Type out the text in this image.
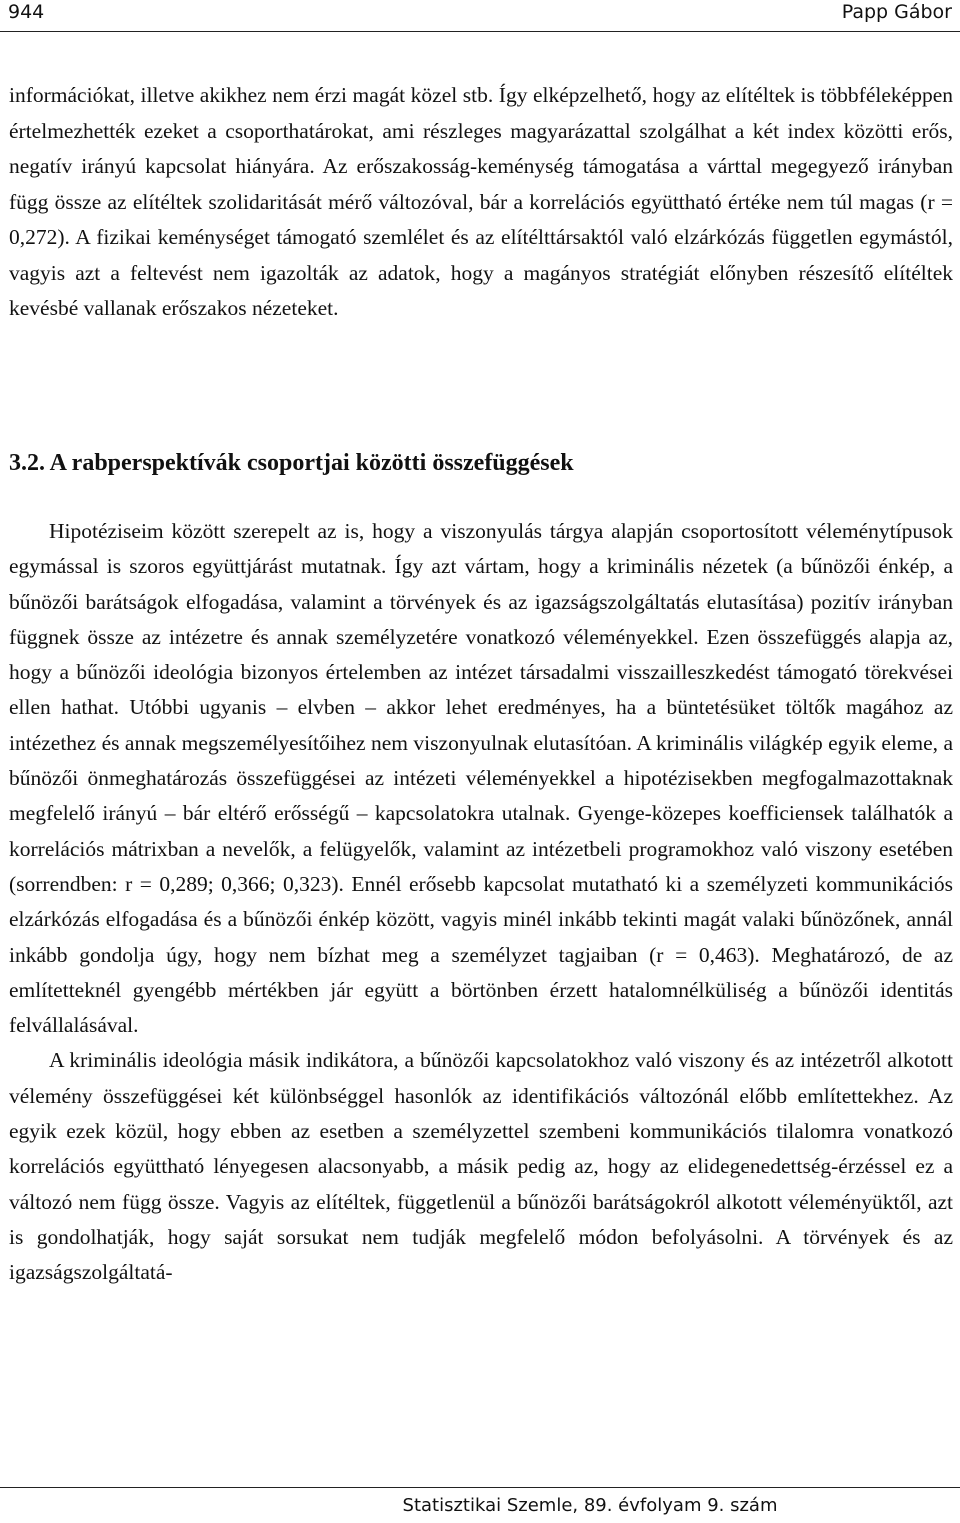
944	Papp Gábor

információkat, illetve akikhez nem érzi magát közel stb. Így elképzelhető, hogy az elítéltek is többféleképpen értelmezhették ezeket a csoporthatárokat, ami részleges magyarázattal szolgálhat a két index közötti erős, negatív irányú kapcsolat hiányára. Az erőszakosság-keménység támogatása a várttal megegyező irányban függ össze az elítéltek szolidaritását mérő változóval, bár a korrelációs együttható értéke nem túl magas (r = 0,272). A fizikai keménységet támogató szemlélet és az elítélttársaktól való elzárkózás független egymástól, vagyis azt a feltevést nem igazolták az adatok, hogy a magányos stratégiát előnyben részesítő elítéltek kevésbé vallanak erőszakos nézeteket.

3.2. A rabperspektívák csoportjai közötti összefüggések

Hipotéziseim között szerepelt az is, hogy a viszonyulás tárgya alapján csoportosított véleménytípusok egymással is szoros együttjárást mutatnak. Így azt vártam, hogy a kriminális nézetek (a bűnözői énkép, a bűnözői barátságok elfogadása, valamint a törvények és az igazságszolgáltatás elutasítása) pozitív irányban függnek össze az intézetre és annak személyzetére vonatkozó véleményekkel. Ezen összefüggés alapja az, hogy a bűnözői ideológia bizonyos értelemben az intézet társadalmi visszailleszkedést támogató törekvései ellen hathat. Utóbbi ugyanis – elvben – akkor lehet eredményes, ha a büntetésüket töltők magához az intézethez és annak megszemélyesítőihez nem viszonyulnak elutasítóan. A kriminális világkép egyik eleme, a bűnözői önmeghatározás összefüggései az intézeti véleményekkel a hipotézisekben megfogalmazottaknak megfelelő irányú – bár eltérő erősségű – kapcsolatokra utalnak. Gyenge-közepes koefficiensek találhatók a korrelációs mátrixban a nevelők, a felügyelők, valamint az intézetbeli programokhoz való viszony esetében (sorrendben: r = 0,289; 0,366; 0,323). Ennél erősebb kapcsolat mutatható ki a személyzeti kommunikációs elzárkózás elfogadása és a bűnözői énkép között, vagyis minél inkább tekinti magát valaki bűnözőnek, annál inkább gondolja úgy, hogy nem bízhat meg a személyzet tagjaiban (r = 0,463). Meghatározó, de az említetteknél gyengébb mértékben jár együtt a börtönben érzett hatalomnélküliség a bűnözői identitás felvállalásával.

A kriminális ideológia másik indikátora, a bűnözői kapcsolatokhoz való viszony és az intézetről alkotott vélemény összefüggései két különbséggel hasonlók az identifikációs változónál előbb említettekhez. Az egyik ezek közül, hogy ebben az esetben a személyzettel szembeni kommunikációs tilalomra vonatkozó korrelációs együttható lényegesen alacsonyabb, a másik pedig az, hogy az elidegenedettség-érzéssel ez a változó nem függ össze. Vagyis az elítéltek, függetlenül a bűnözői barátságokról alkotott véleményüktől, azt is gondolhatják, hogy saját sorsukat nem tudják megfelelő módon befolyásolni. A törvények és az igazságszolgáltatá-

Statisztikai Szemle, 89. évfolyam 9. szám
